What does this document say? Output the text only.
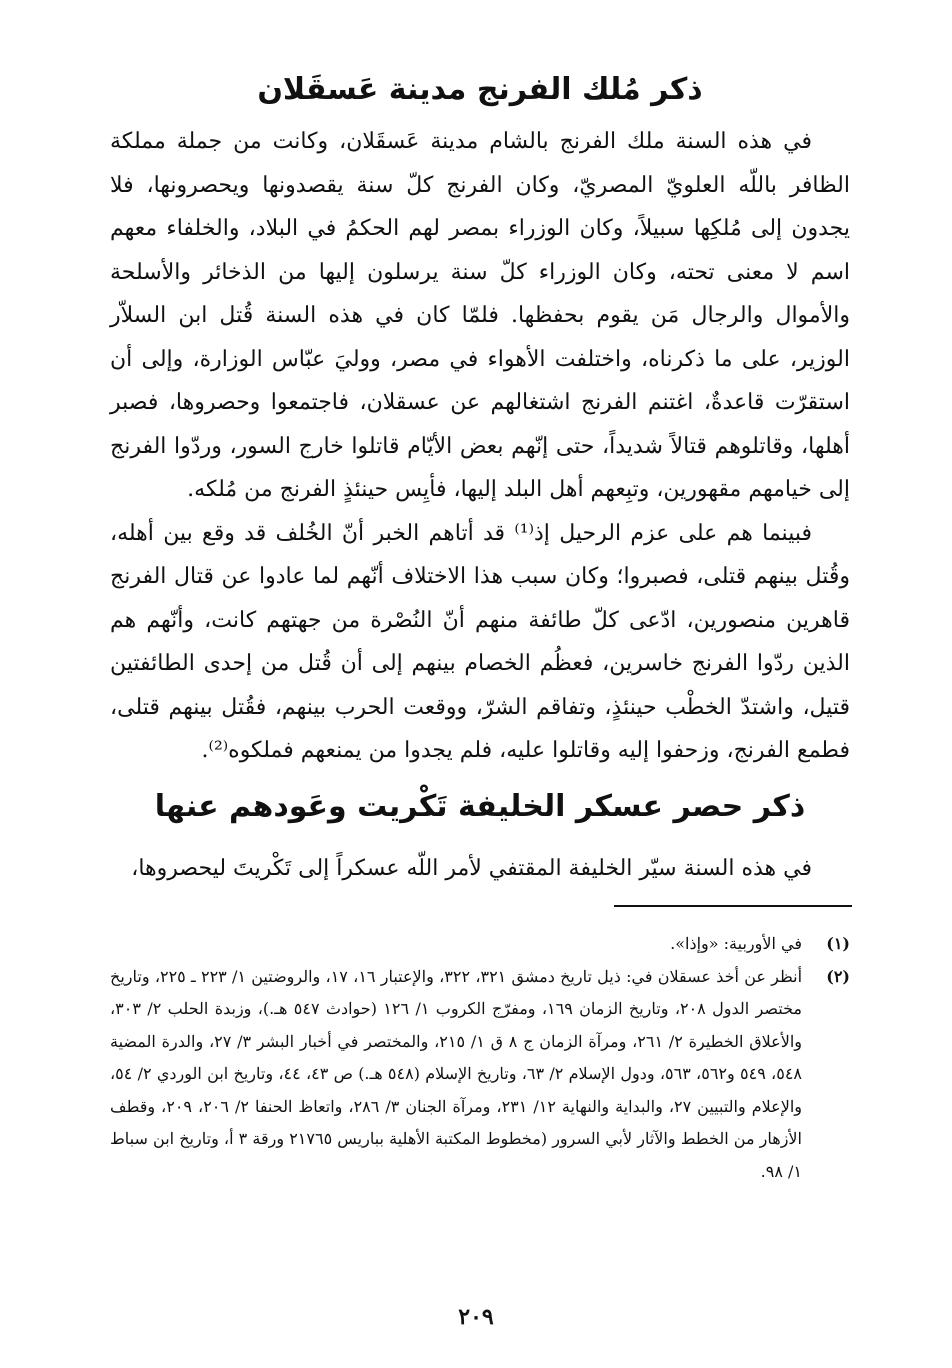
ذكر مُلك الفرنج مدينة عَسقَلان

في هذه السنة ملك الفرنج بالشام مدينة عَسقَلان، وكانت من جملة مملكة الظافر باللّه العلويّ المصريّ، وكان الفرنج كلّ سنة يقصدونها ويحصرونها، فلا يجدون إلى مُلكِها سبيلاً، وكان الوزراء بمصر لهم الحكمُ في البلاد، والخلفاء معهم اسم لا معنى تحته، وكان الوزراء كلّ سنة يرسلون إليها من الذخائر والأسلحة والأموال والرجال مَن يقوم بحفظها. فلمّا كان في هذه السنة قُتل ابن السلاّر الوزير، على ما ذكرناه، واختلفت الأهواء في مصر، ووليَ عبّاس الوزارة، وإلى أن استقرّت قاعدةٌ، اغتنم الفرنج اشتغالهم عن عسقلان، فاجتمعوا وحصروها، فصبر أهلها، وقاتلوهم قتالاً شديداً، حتى إنّهم بعض الأيّام قاتلوا خارج السور، وردّوا الفرنج إلى خيامهم مقهورين، وتبِعهم أهل البلد إليها، فأيِس حينئذٍ الفرنج من مُلكه.

فبينما هم على عزم الرحيل إذ⁽¹⁾ قد أتاهم الخبر أنّ الخُلف قد وقع بين أهله، وقُتل بينهم قتلى، فصبروا؛ وكان سبب هذا الاختلاف أنّهم لما عادوا عن قتال الفرنج قاهرين منصورين، ادّعى كلّ طائفة منهم أنّ النُصْرة من جهتهم كانت، وأنّهم هم الذين ردّوا الفرنج خاسرين، فعظُم الخصام بينهم إلى أن قُتل من إحدى الطائفتين قتيل، واشتدّ الخطْب حينئذٍ، وتفاقم الشرّ، ووقعت الحرب بينهم، فقُتل بينهم قتلى، فطمع الفرنج، وزحفوا إليه وقاتلوا عليه، فلم يجدوا من يمنعهم فملكوه⁽²⁾.

ذكر حصر عسكر الخليفة تَكْريت وعَودهم عنها

في هذه السنة سيّر الخليفة المقتفي لأمر اللّه عسكراً إلى تَكْريتَ ليحصروها،

(١)
في الأوربية: «وإذا».
(٢)
أنظر عن أخذ عسقلان في: ذيل تاريخ دمشق ٣٢١، ٣٢٢، والإعتبار ١٦، ١٧، والروضتين ١/ ٢٢٣ ـ ٢٢٥، وتاريخ مختصر الدول ٢٠٨، وتاريخ الزمان ١٦٩، ومفرّج الكروب ١/ ١٢٦ (حوادث ٥٤٧ هـ.)، وزبدة الحلب ٢/ ٣٠٣، والأعلاق الخطيرة ٢/ ٢٦١، ومرآة الزمان ج ٨ ق ١/ ٢١٥، والمختصر في أخبار البشر ٣/ ٢٧، والدرة المضية ٥٤٨، ٥٤٩ و٥٦٢، ٥٦٣، ودول الإسلام ٢/ ٦٣، وتاريخ الإسلام (٥٤٨ هـ.) ص ٤٣، ٤٤، وتاريخ ابن الوردي ٢/ ٥٤، والإعلام والتبيين ٢٧، والبداية والنهاية ١٢/ ٢٣١، ومرآة الجنان ٣/ ٢٨٦، واتعاظ الحنفا ٢/ ٢٠٦، ٢٠٩، وقطف الأزهار من الخطط والآثار لأبي السرور (مخطوط المكتبة الأهلية بباريس ٢١٧٦٥ ورقة ٣ أ، وتاريخ ابن سباط ١/ ٩٨.
٢٠٩
